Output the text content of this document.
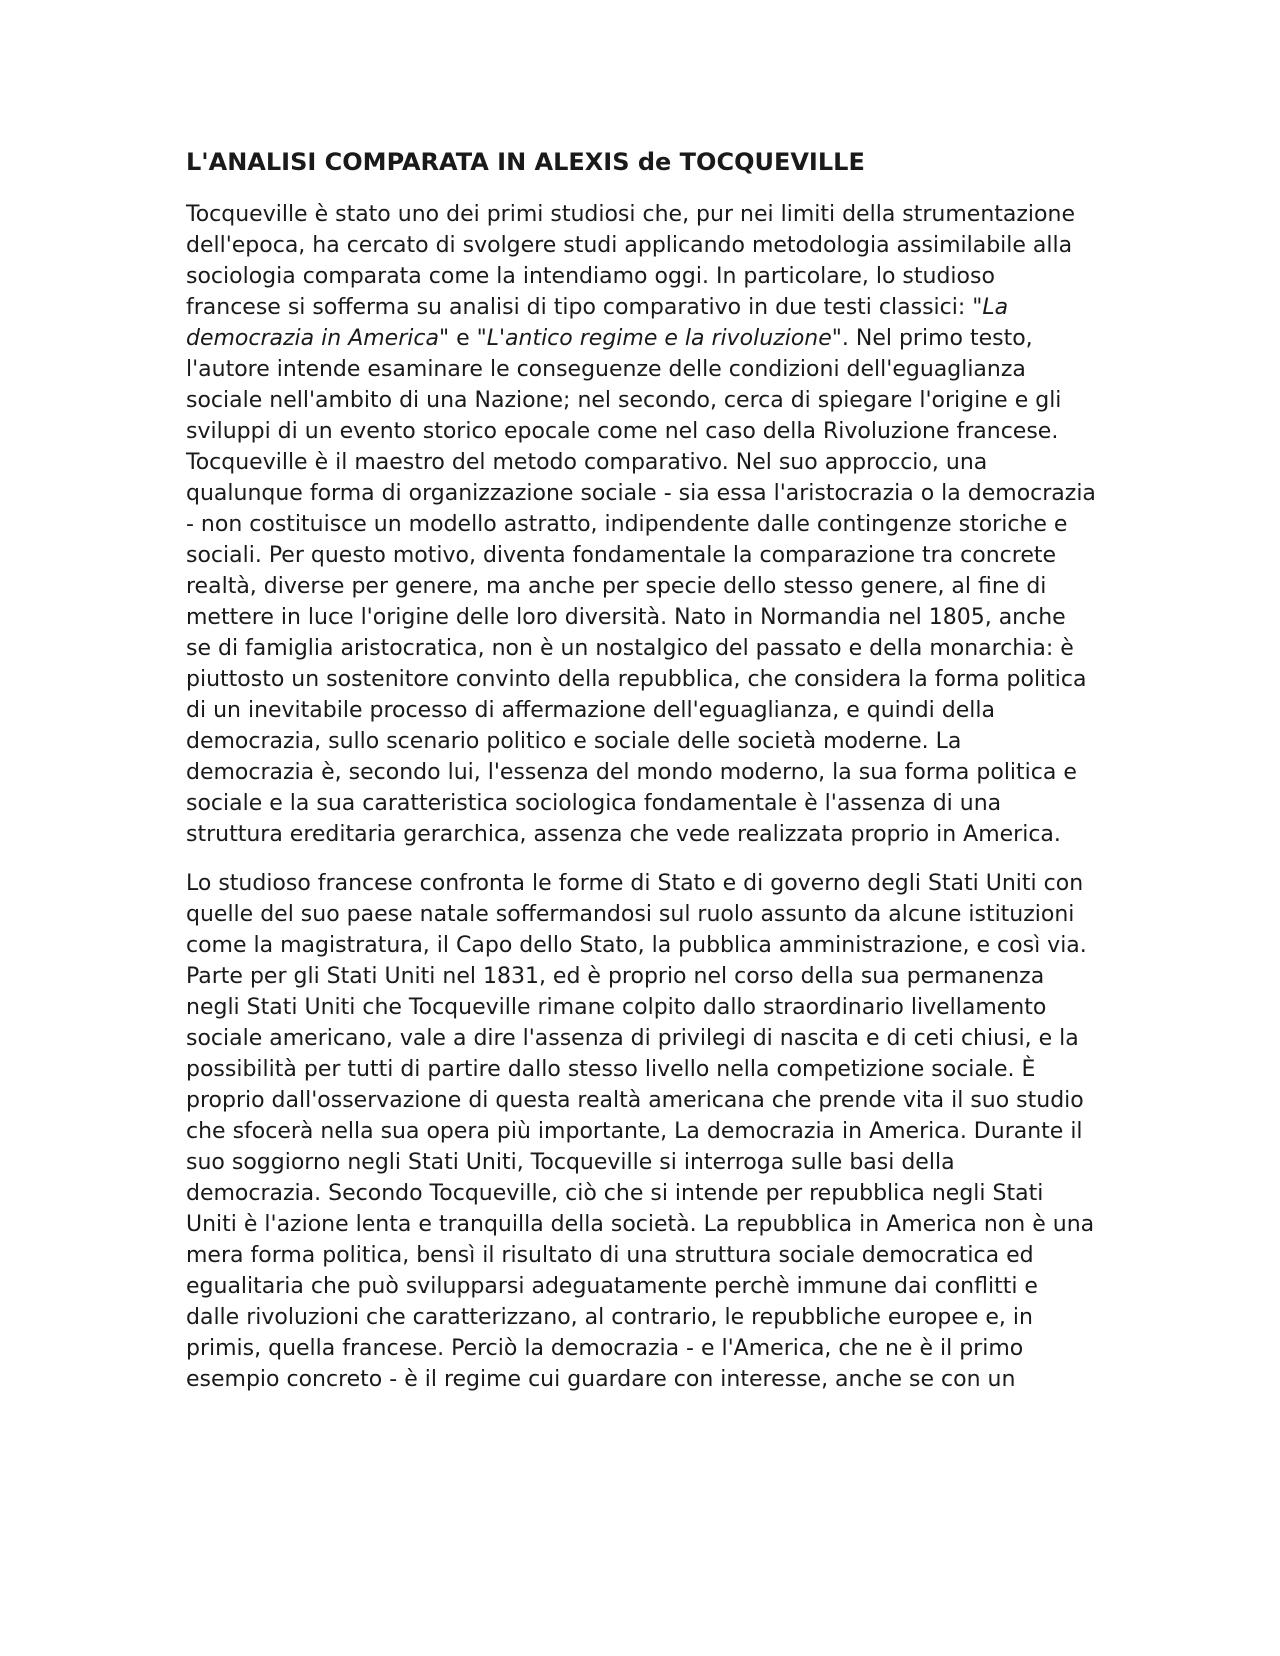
L'ANALISI COMPARATA IN ALEXIS de TOCQUEVILLE

Tocqueville è stato uno dei primi studiosi che, pur nei limiti della strumentazione dell'epoca, ha cercato di svolgere studi applicando metodologia assimilabile alla sociologia comparata come la intendiamo oggi. In particolare, lo studioso francese si sofferma su analisi di tipo comparativo in due testi classici: "La democrazia in America" e "L'antico regime e la rivoluzione". Nel primo testo, l'autore intende esaminare le conseguenze delle condizioni dell'eguaglianza sociale nell'ambito di una Nazione; nel secondo, cerca di spiegare l'origine e gli sviluppi di un evento storico epocale come nel caso della Rivoluzione francese. Tocqueville è il maestro del metodo comparativo. Nel suo approccio, una qualunque forma di organizzazione sociale - sia essa l'aristocrazia o la democrazia - non costituisce un modello astratto, indipendente dalle contingenze storiche e sociali. Per questo motivo, diventa fondamentale la comparazione tra concrete realtà, diverse per genere, ma anche per specie dello stesso genere, al fine di mettere in luce l'origine delle loro diversità. Nato in Normandia nel 1805, anche se di famiglia aristocratica, non è un nostalgico del passato e della monarchia: è piuttosto un sostenitore convinto della repubblica, che considera la forma politica di un inevitabile processo di affermazione dell'eguaglianza, e quindi della democrazia, sullo scenario politico e sociale delle società moderne. La democrazia è, secondo lui, l'essenza del mondo moderno, la sua forma politica e sociale e la sua caratteristica sociologica fondamentale è l'assenza di una struttura ereditaria gerarchica, assenza che vede realizzata proprio in America.

Lo studioso francese confronta le forme di Stato e di governo degli Stati Uniti con quelle del suo paese natale soffermandosi sul ruolo assunto da alcune istituzioni come la magistratura, il Capo dello Stato, la pubblica amministrazione, e così via. Parte per gli Stati Uniti nel 1831, ed è proprio nel corso della sua permanenza negli Stati Uniti che Tocqueville rimane colpito dallo straordinario livellamento sociale americano, vale a dire l'assenza di privilegi di nascita e di ceti chiusi, e la possibilità per tutti di partire dallo stesso livello nella competizione sociale. È proprio dall'osservazione di questa realtà americana che prende vita il suo studio che sfocerà nella sua opera più importante, La democrazia in America. Durante il suo soggiorno negli Stati Uniti, Tocqueville si interroga sulle basi della democrazia. Secondo Tocqueville, ciò che si intende per repubblica negli Stati Uniti è l'azione lenta e tranquilla della società. La repubblica in America non è una mera forma politica, bensì il risultato di una struttura sociale democratica ed egualitaria che può svilupparsi adeguatamente perchè immune dai conflitti e dalle rivoluzioni che caratterizzano, al contrario, le repubbliche europee e, in primis, quella francese. Perciò la democrazia - e l'America, che ne è il primo esempio concreto - è il regime cui guardare con interesse, anche se con un
